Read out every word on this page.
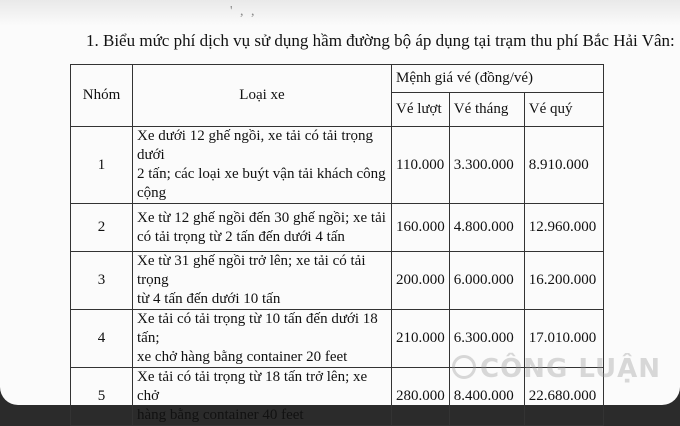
' , ,
1. Biểu mức phí dịch vụ sử dụng hầm đường bộ áp dụng tại trạm thu phí Bắc Hải Vân:
Nhóm	Loại xe	Mệnh giá vé (đồng/vé)		
		Vé lượt	Vé tháng	Vé quý
1	Xe dưới 12 ghế ngồi, xe tải có tải trọng dưới
2 tấn; các loại xe buýt vận tải khách công
cộng	110.000	3.300.000	8.910.000
2	Xe từ 12 ghế ngồi đến 30 ghế ngồi; xe tải
có tải trọng từ 2 tấn đến dưới 4 tấn	160.000	4.800.000	12.960.000
3	Xe từ 31 ghế ngồi trở lên; xe tải có tải trọng
từ 4 tấn đến dưới 10 tấn	200.000	6.000.000	16.200.000
4	Xe tải có tải trọng từ 10 tấn đến dưới 18 tấn;
xe chở hàng bằng container 20 feet	210.000	6.300.000	17.010.000
5	Xe tải có tải trọng từ 18 tấn trở lên; xe chở
hàng bằng container 40 feet	280.000	8.400.000	22.680.000
CÔNG LUẬN
